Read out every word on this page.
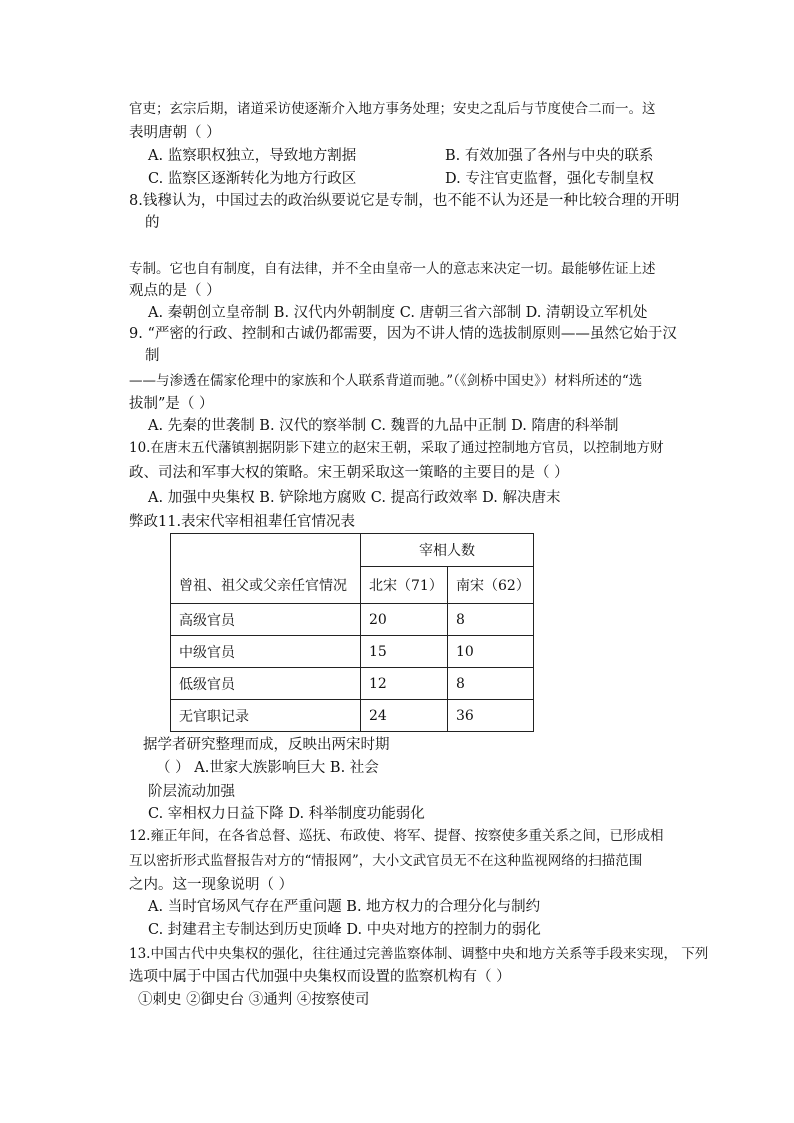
官吏；玄宗后期，诸道采访使逐渐介入地方事务处理；安史之乱后与节度使合二而一。这
表明唐朝（ ）
A. 监察职权独立，导致地方割据	B. 有效加强了各州与中央的联系
C. 监察区逐渐转化为地方行政区	D. 专注官吏监督，强化专制皇权
8.钱穆认为，中国过去的政治纵要说它是专制，也不能不认为还是一种比较合理的开明
的
专制。它也自有制度，自有法律，并不全由皇帝一人的意志来决定一切。最能够佐证上述
观点的是（ ）
A. 秦朝创立皇帝制 B. 汉代内外朝制度 C. 唐朝三省六部制 D. 清朝设立军机处
9. “严密的行政、控制和古诚仍都需要，因为不讲人情的选拔制原则——虽然它始于汉
制
——与渗透在儒家伦理中的家族和个人联系背道而驰。”（《剑桥中国史》）材料所述的“选
拔制”是（ ）
A. 先秦的世袭制 B. 汉代的察举制 C. 魏晋的九品中正制 D. 隋唐的科举制
10.在唐末五代藩镇割据阴影下建立的赵宋王朝，采取了通过控制地方官员，以控制地方财
政、司法和军事大权的策略。宋王朝采取这一策略的主要目的是（ ）
A. 加强中央集权 B. 铲除地方腐败 C. 提高行政效率 D. 解决唐末
弊政11.表宋代宰相祖辈任官情况表
曾祖、祖父或父亲任官情况	宰相人数	
	北宋（71）	南宋（62）
高级官员	20	8
中级官员	15	10
低级官员	12	8
无官职记录	24	36
据学者研究整理而成，反映出两宋时期
（ ） A.世家大族影响巨大 B. 社会
阶层流动加强
C. 宰相权力日益下降 D. 科举制度功能弱化
12.雍正年间，在各省总督、巡抚、布政使、将军、提督、按察使多重关系之间，已形成相
互以密折形式监督报告对方的“情报网”，大小文武官员无不在这种监视网络的扫描范围
之内。这一现象说明（ ）
A. 当时官场风气存在严重问题 B. 地方权力的合理分化与制约
C. 封建君主专制达到历史顶峰 D. 中央对地方的控制力的弱化
13.中国古代中央集权的强化，往往通过完善监察体制、调整中央和地方关系等手段来实现， 下列
选项中属于中国古代加强中央集权而设置的监察机构有（ ）
①刺史 ②御史台 ③通判 ④按察使司
